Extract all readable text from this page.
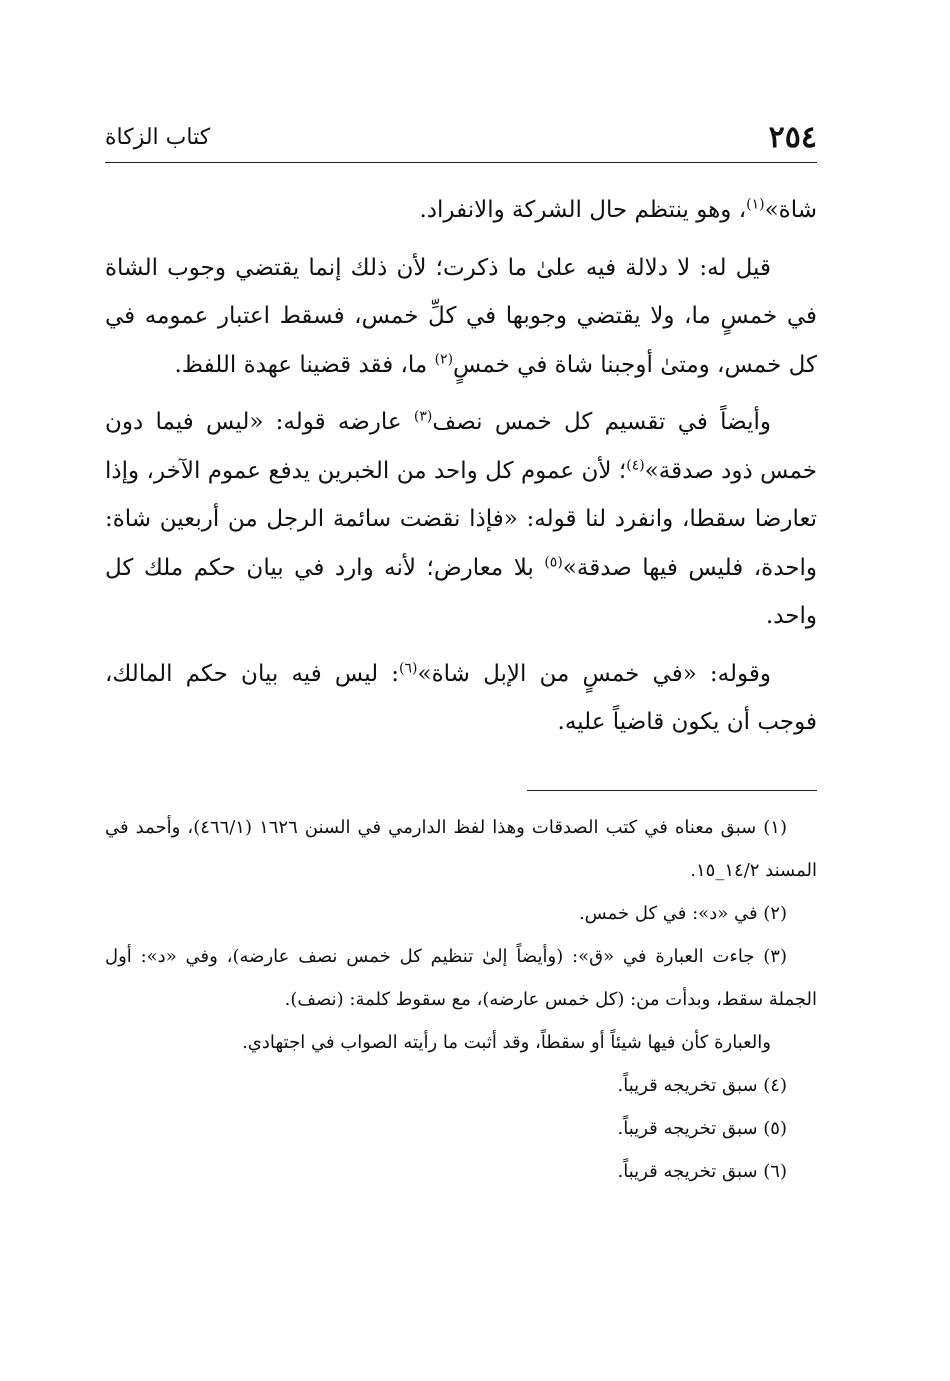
٢٥٤
كتاب الزكاة

شاة»$^{(١)}$، وهو ينتظم حال الشركة والانفراد.

قيل له: لا دلالة فيه علىٰ ما ذكرت؛ لأن ذلك إنما يقتضي وجوب الشاة في خمسٍ ما، ولا يقتضي وجوبها في كلِّ خمس، فسقط اعتبار عمومه في كل خمس، ومتىٰ أوجبنا شاة في خمسٍ$^{(٢)}$ ما، فقد قضينا عهدة اللفظ.

وأيضاً في تقسيم كل خمس نصف$^{(٣)}$ عارضه قوله: «ليس فيما دون خمس ذود صدقة»$^{(٤)}$؛ لأن عموم كل واحد من الخبرين يدفع عموم الآخر، وإذا تعارضا سقطا، وانفرد لنا قوله: «فإذا نقضت سائمة الرجل من أربعين شاة: واحدة، فليس فيها صدقة»$^{(٥)}$ بلا معارض؛ لأنه وارد في بيان حكم ملك كل واحد.

وقوله: «في خمسٍ من الإبل شاة»$^{(٦)}$: ليس فيه بيان حكم المالك، فوجب أن يكون قاضياً عليه.

(١) سبق معناه في كتب الصدقات وهذا لفظ الدارمي في السنن ١٦٢٦ (٤٦٦/١)، وأحمد في المسند ١٤/٢_١٥.

(٢) في «د»: في كل خمس.

(٣) جاءت العبارة في «ق»: (وأيضاً إلىٰ تنظيم كل خمس نصف عارضه)، وفي «د»: أول الجملة سقط، وبدأت من: (كل خمس عارضه)، مع سقوط كلمة: (نصف).

والعبارة كأن فيها شيئاً أو سقطاً، وقد أثبت ما رأيته الصواب في اجتهادي.

(٤) سبق تخريجه قريباً.

(٥) سبق تخريجه قريباً.

(٦) سبق تخريجه قريباً.
